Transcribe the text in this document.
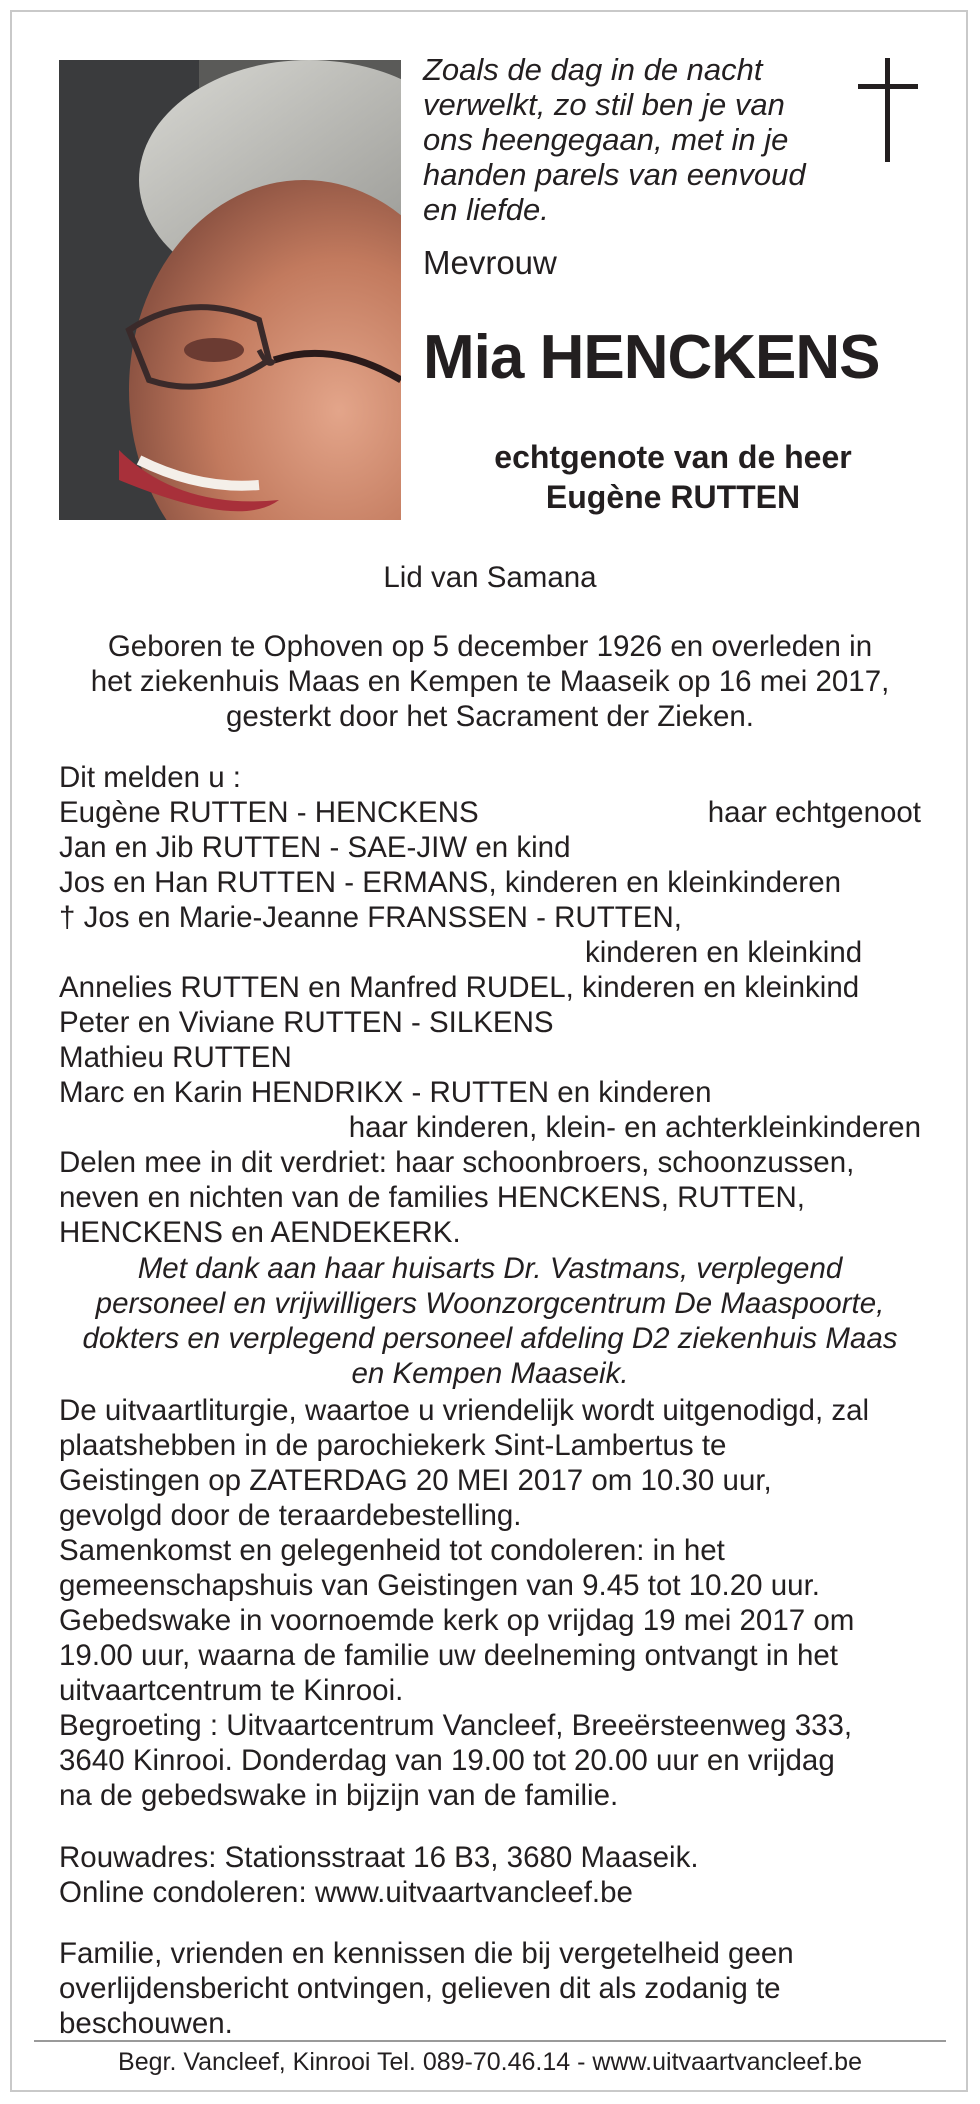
Zoals de dag in de nacht
verwelkt, zo stil ben je van
ons heengegaan, met in je
handen parels van eenvoud
en liefde.
Mevrouw
Mia HENCKENS
echtgenote van de heer
Eugène RUTTEN
Lid van Samana
Geboren te Ophoven op 5 december 1926 en overleden in
het ziekenhuis Maas en Kempen te Maaseik op 16 mei 2017,
gesterkt door het Sacrament der Zieken.
Dit melden u :
Eugène RUTTEN - HENCKENS	haar echtgenoot
Jan en Jib RUTTEN - SAE-JIW en kind
Jos en Han RUTTEN - ERMANS, kinderen en kleinkinderen
† Jos en Marie-Jeanne FRANSSEN - RUTTEN,
kinderen en kleinkind
Annelies RUTTEN en Manfred RUDEL, kinderen en kleinkind
Peter en Viviane RUTTEN - SILKENS
Mathieu RUTTEN
Marc en Karin HENDRIKX - RUTTEN en kinderen
haar kinderen, klein- en achterkleinkinderen
Delen mee in dit verdriet: haar schoonbroers, schoonzussen,
neven en nichten van de families HENCKENS, RUTTEN,
HENCKENS en AENDEKERK.
Met dank aan haar huisarts Dr. Vastmans, verplegend
personeel en vrijwilligers Woonzorgcentrum De Maaspoorte,
dokters en verplegend personeel afdeling D2 ziekenhuis Maas
en Kempen Maaseik.
De uitvaartliturgie, waartoe u vriendelijk wordt uitgenodigd, zal
plaatshebben in de parochiekerk Sint-Lambertus te
Geistingen op ZATERDAG 20 MEI 2017 om 10.30 uur,
gevolgd door de teraardebestelling.
Samenkomst en gelegenheid tot condoleren: in het
gemeenschapshuis van Geistingen van 9.45 tot 10.20 uur.
Gebedswake in voornoemde kerk op vrijdag 19 mei 2017 om
19.00 uur, waarna de familie uw deelneming ontvangt in het
uitvaartcentrum te Kinrooi.
Begroeting : Uitvaartcentrum Vancleef, Breeërsteenweg 333,
3640 Kinrooi. Donderdag van 19.00 tot 20.00 uur en vrijdag
na de gebedswake in bijzijn van de familie.
Rouwadres: Stationsstraat 16 B3, 3680 Maaseik.
Online condoleren: www.uitvaartvancleef.be
Familie, vrienden en kennissen die bij vergetelheid geen
overlijdensbericht ontvingen, gelieven dit als zodanig te
beschouwen.
Begr. Vancleef, Kinrooi Tel. 089-70.46.14 - www.uitvaartvancleef.be
